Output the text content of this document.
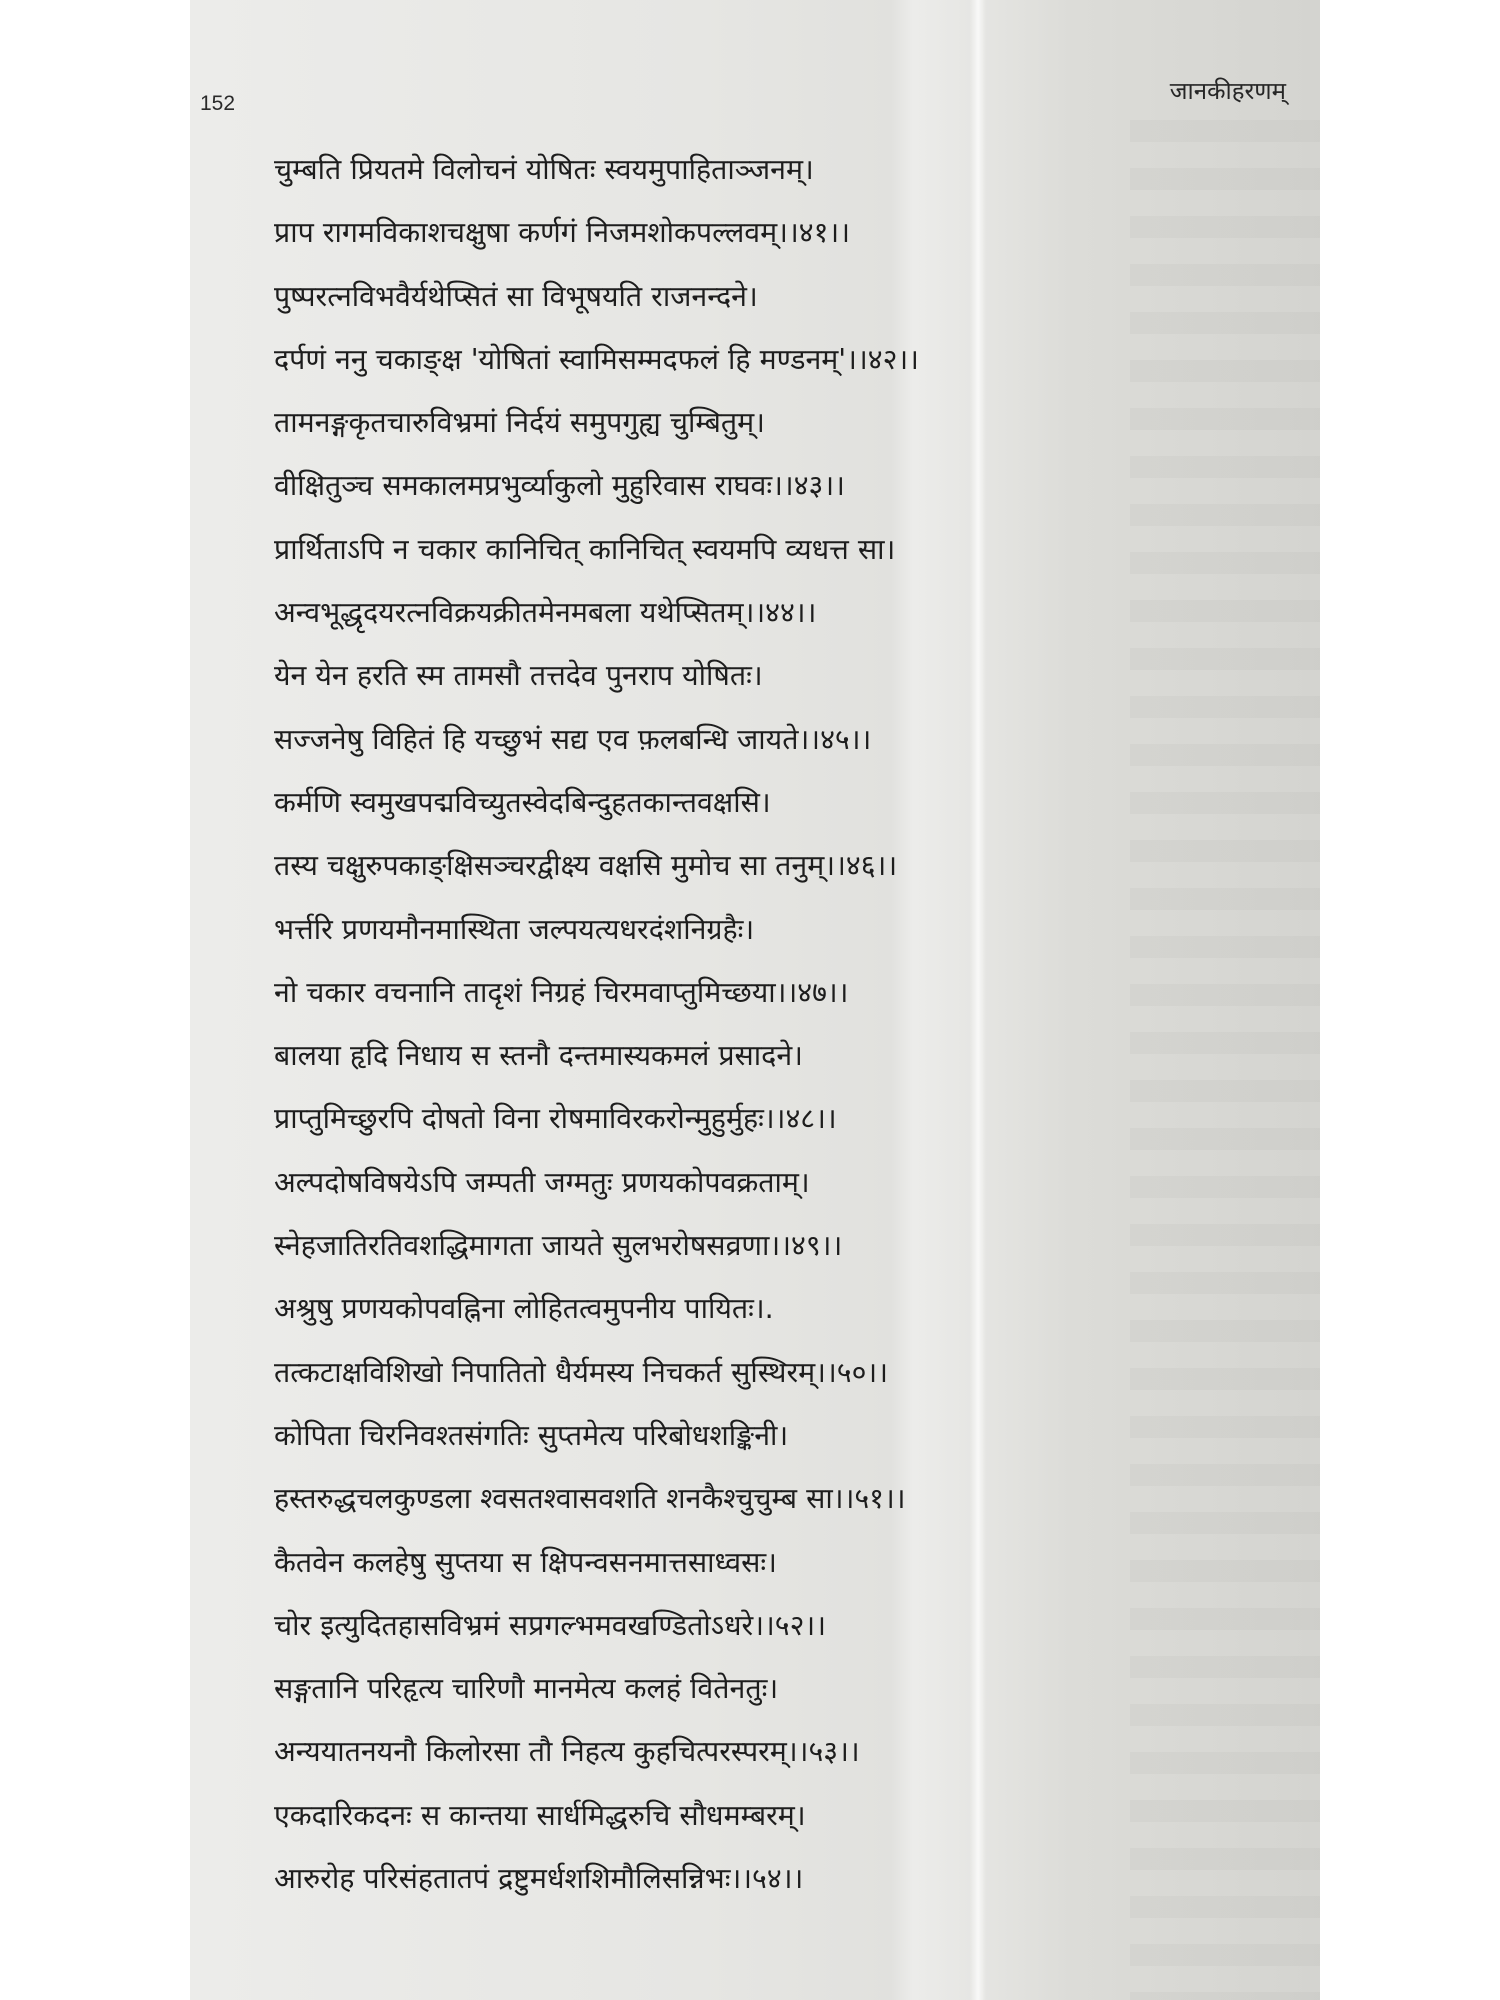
152	जानकीहरणम्
चुम्बति प्रियतमे विलोचनं योषितः स्वयमुपाहिताञ्जनम्।
प्राप रागमविकाशचक्षुषा कर्णगं निजमशोकपल्लवम्।।४१।।
पुष्परत्नविभवैर्यथेप्सितं सा विभूषयति राजनन्दने।
दर्पणं ननु चकाङ्क्ष 'योषितां स्वामिसम्मदफलं हि मण्डनम्'।।४२।।
तामनङ्गकृतचारुविभ्रमां निर्दयं समुपगुह्य चुम्बितुम्।
वीक्षितुञ्च समकालमप्रभुर्व्याकुलो मुहुरिवास राघवः।।४३।।
प्रार्थिताऽपि न चकार कानिचित् कानिचित् स्वयमपि व्यधत्त सा।
अन्वभूद्धृदयरत्नविक्रयक्रीतमेनमबला यथेप्सितम्।।४४।।
येन येन हरति स्म तामसौ तत्तदेव पुनराप योषितः।
सज्जनेषु विहितं हि यच्छुभं सद्य एव फ़लबन्धि जायते।।४५।।
कर्मणि स्वमुखपद्मविच्युतस्वेदबिन्दुहतकान्तवक्षसि।
तस्य चक्षुरुपकाङ्क्षिसञ्चरद्वीक्ष्य वक्षसि मुमोच सा तनुम्।।४६।।
भर्त्तरि प्रणयमौनमास्थिता जल्पयत्यधरदंशनिग्रहैः।
नो चकार वचनानि तादृशं निग्रहं चिरमवाप्तुमिच्छया।।४७।।
बालया हृदि निधाय स स्तनौ दन्तमास्यकमलं प्रसादने।
प्राप्तुमिच्छुरपि दोषतो विना रोषमाविरकरोन्मुहुर्मुहः।।४८।।
अल्पदोषविषयेऽपि जम्पती जग्मतुः प्रणयकोपवक्रताम्।
स्नेहजातिरतिवशद्धिमागता जायते सुलभरोषसव्रणा।।४९।।
अश्रुषु प्रणयकोपवह्निना लोहितत्वमुपनीय पायितः।.
तत्कटाक्षविशिखो निपातितो धैर्यमस्य निचकर्त सुस्थिरम्।।५०।।
कोपिता चिरनिवश्तसंगतिः सुप्तमेत्य परिबोधशङ्किनी।
हस्तरुद्धचलकुण्डला श्वसतश्वासवशति शनकैश्चुचुम्ब सा।।५१।।
कैतवेन कलहेषु सुप्तया स क्षिपन्वसनमात्तसाध्वसः।
चोर इत्युदितहासविभ्रमं सप्रगल्भमवखण्डितोऽधरे।।५२।।
सङ्गतानि परिहृत्य चारिणौ मानमेत्य कलहं वितेनतुः।
अन्ययातनयनौ किलोरसा तौ निहत्य कुहचित्परस्परम्।।५३।।
एकदारिकदनः स कान्तया सार्धमिद्धरुचि सौधमम्बरम्।
आरुरोह परिसंहतातपं द्रष्टुमर्धशशिमौलिसन्निभः।।५४।।
